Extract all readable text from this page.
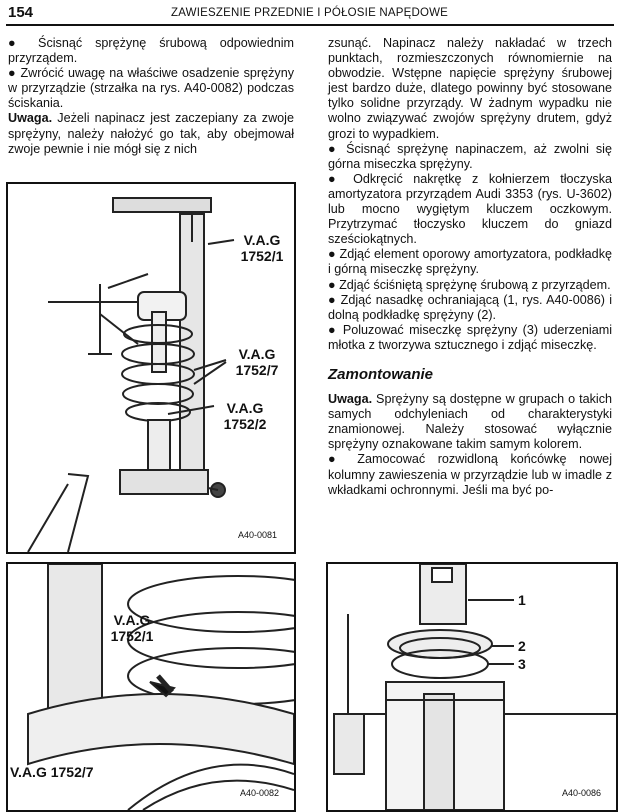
154	ZAWIESZENIE PRZEDNIE I PÓŁOSIE NAPĘDOWE

● Ścisnąć sprężynę śrubową odpowiednim przyrządem.

● Zwrócić uwagę na właściwe osadzenie sprężyny w przyrządzie (strzałka na rys. A40-0082) podczas ściskania.

Uwaga. Jeżeli napinacz jest zaczepiany za zwoje sprężyny, należy nałożyć go tak, aby obejmował zwoje pewnie i nie mógł się z nich

zsunąć. Napinacz należy nakładać w trzech punktach, rozmieszczonych równomiernie na obwodzie. Wstępne napięcie sprężyny śrubowej jest bardzo duże, dlatego powinny być stosowane tylko solidne przyrządy. W żadnym wypadku nie wolno związywać zwojów sprężyny drutem, gdyż grozi to wypadkiem.

● Ścisnąć sprężynę napinaczem, aż zwolni się górna miseczka sprężyny.

● Odkręcić nakrętkę z kołnierzem tłoczyska amortyzatora przyrządem Audi 3353 (rys. U-3602) lub mocno wygiętym kluczem oczkowym. Przytrzymać tłoczysko kluczem do gniazd sześciokątnych.

● Zdjąć element oporowy amortyzatora, podkładkę i górną miseczkę sprężyny.

● Zdjąć ściśniętą sprężynę śrubową z przyrządem.

● Zdjąć nasadkę ochraniającą (1, rys. A40-0086) i dolną podkładkę sprężyny (2).

● Poluzować miseczkę sprężyny (3) uderzeniami młotka z tworzywa sztucznego i zdjąć miseczkę.

Zamontowanie

Uwaga. Sprężyny są dostępne w grupach o takich samych odchyleniach od charakterystyki znamionowej. Należy stosować wyłącznie sprężyny oznakowane takim samym kolorem.

● Zamocować rozwidloną końcówkę nowej kolumny zawieszenia w przyrządzie lub w imadle z wkładkami ochronnymi. Jeśli ma być po-

V.A.G
1752/1
V.A.G
1752/7
V.A.G
1752/2
A40-0081
V.A.G
1752/1
V.A.G 1752/7
A40-0082
1
2
3
A40-0086
